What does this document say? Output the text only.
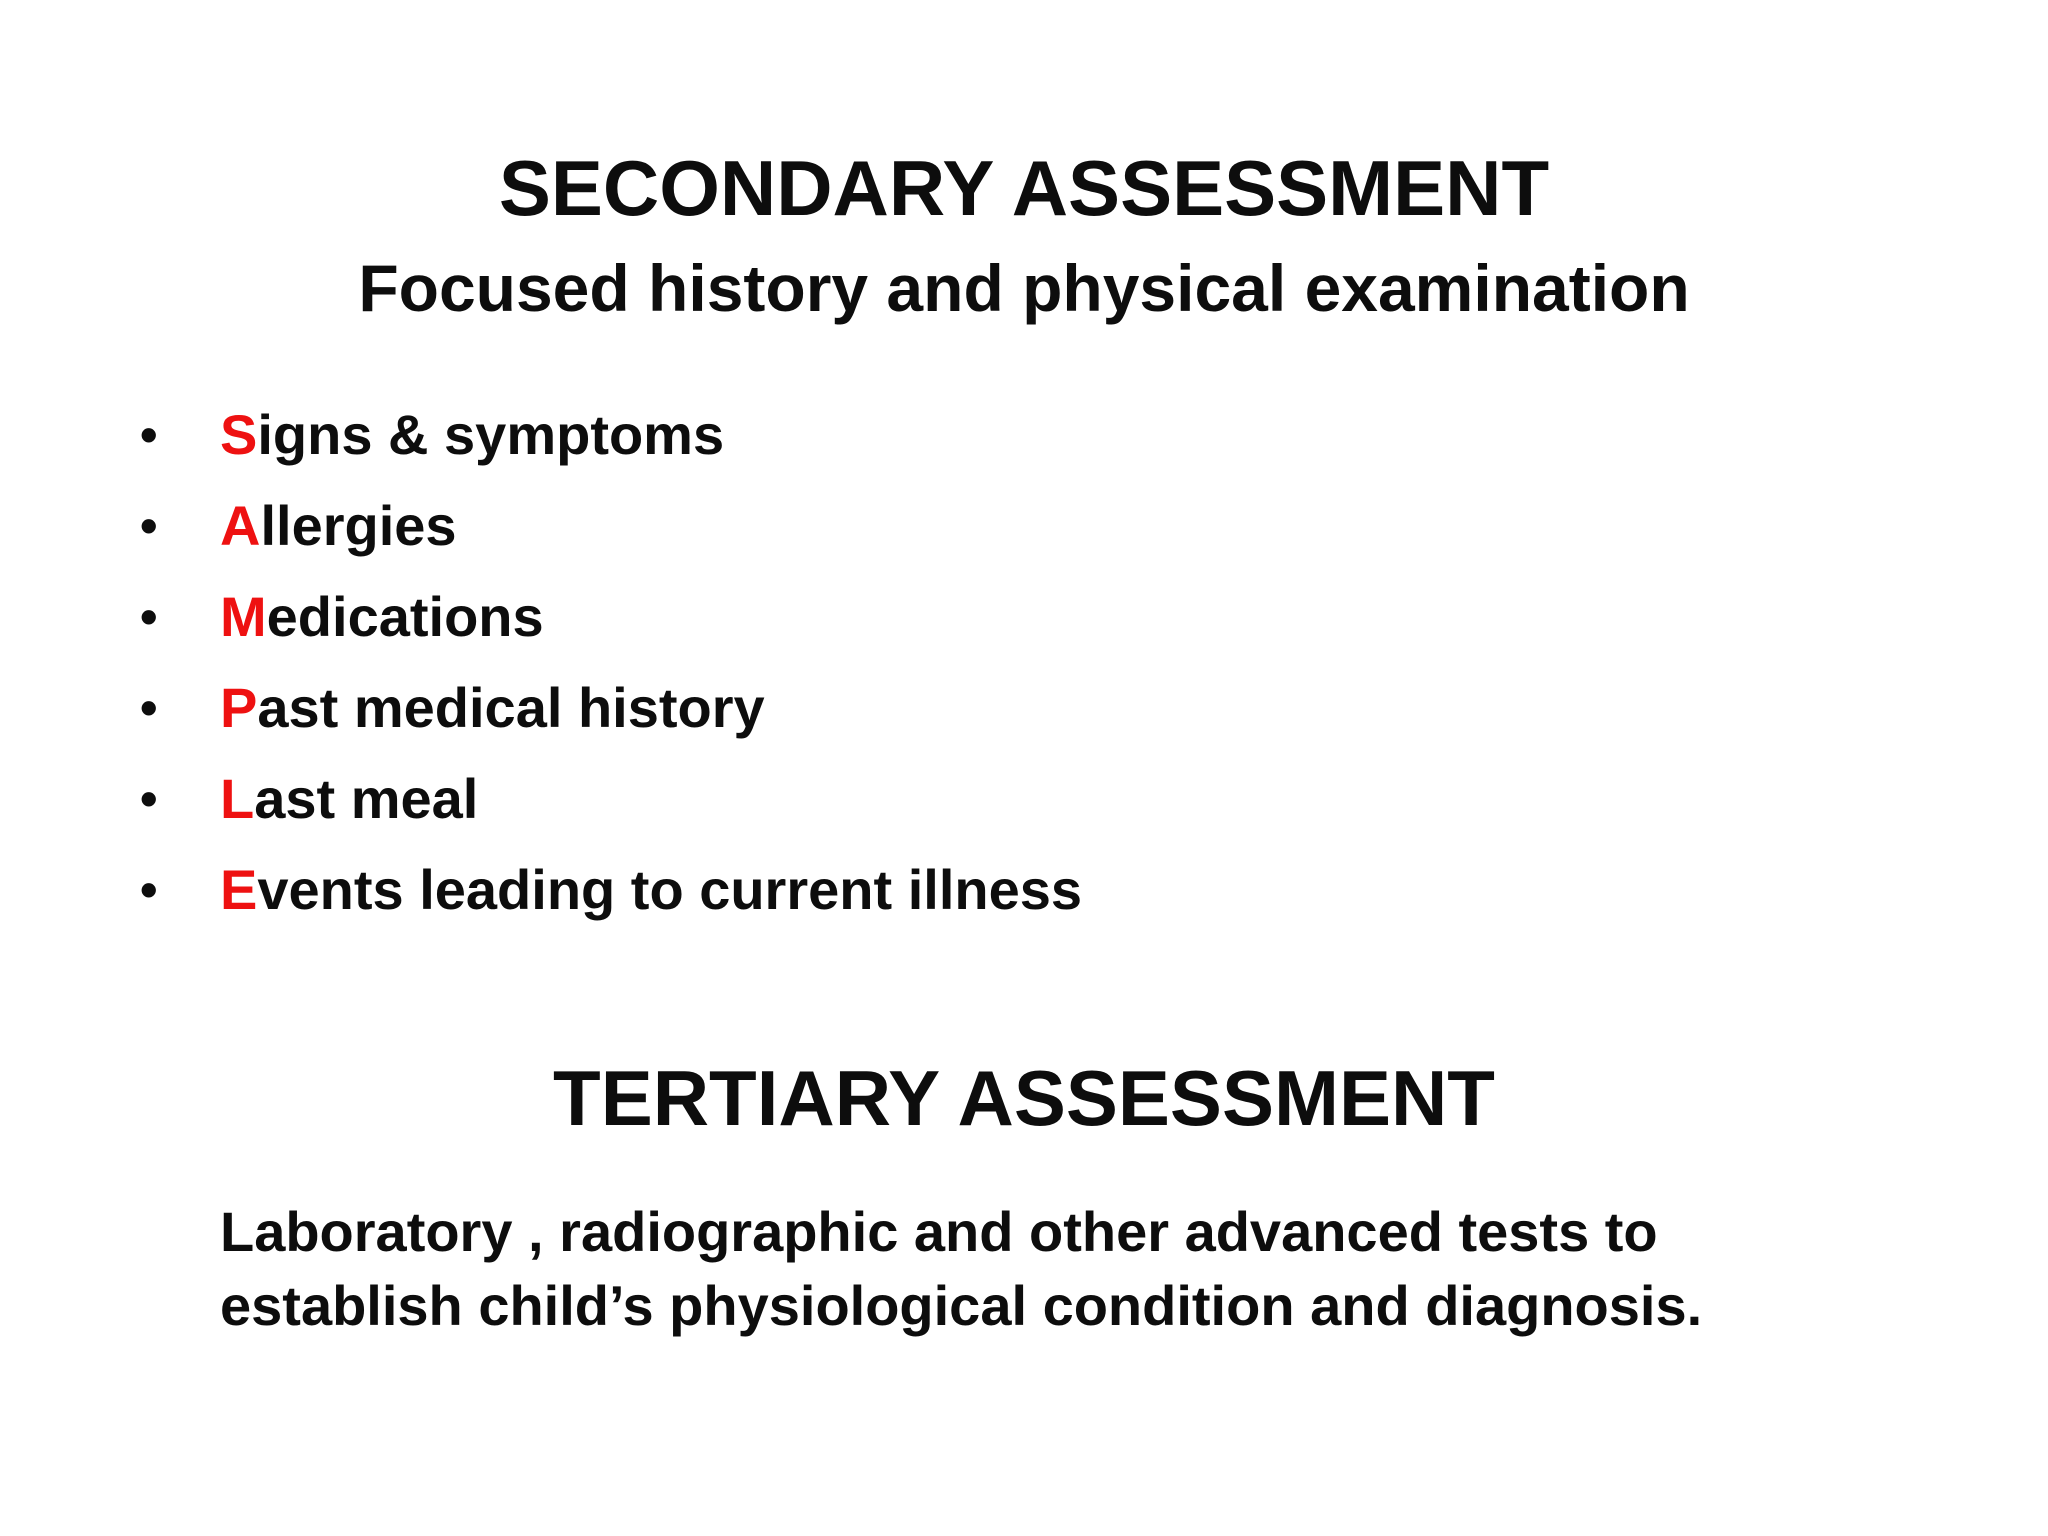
SECONDARY ASSESSMENT
Focused history and physical examination
•	Signs & symptoms
•	Allergies
•	Medications
•	Past medical history
•	Last meal
•	Events leading to current illness
TERTIARY ASSESSMENT

Laboratory , radiographic and other advanced tests to
establish child’s physiological condition and diagnosis.
